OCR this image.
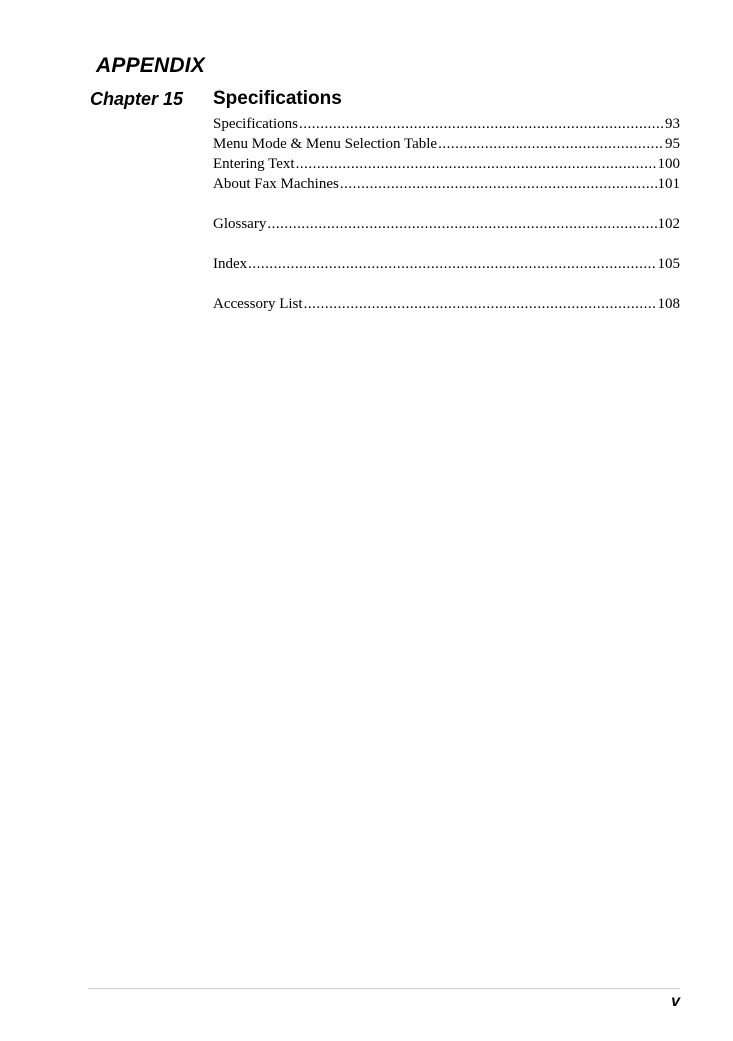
APPENDIX
Chapter 15 Specifications
Specifications .....	93
Menu Mode & Menu Selection Table .....	95
Entering Text .....	100
About Fax Machines .....	101
Glossary .....	102
Index .....	105
Accessory List .....	108
v
